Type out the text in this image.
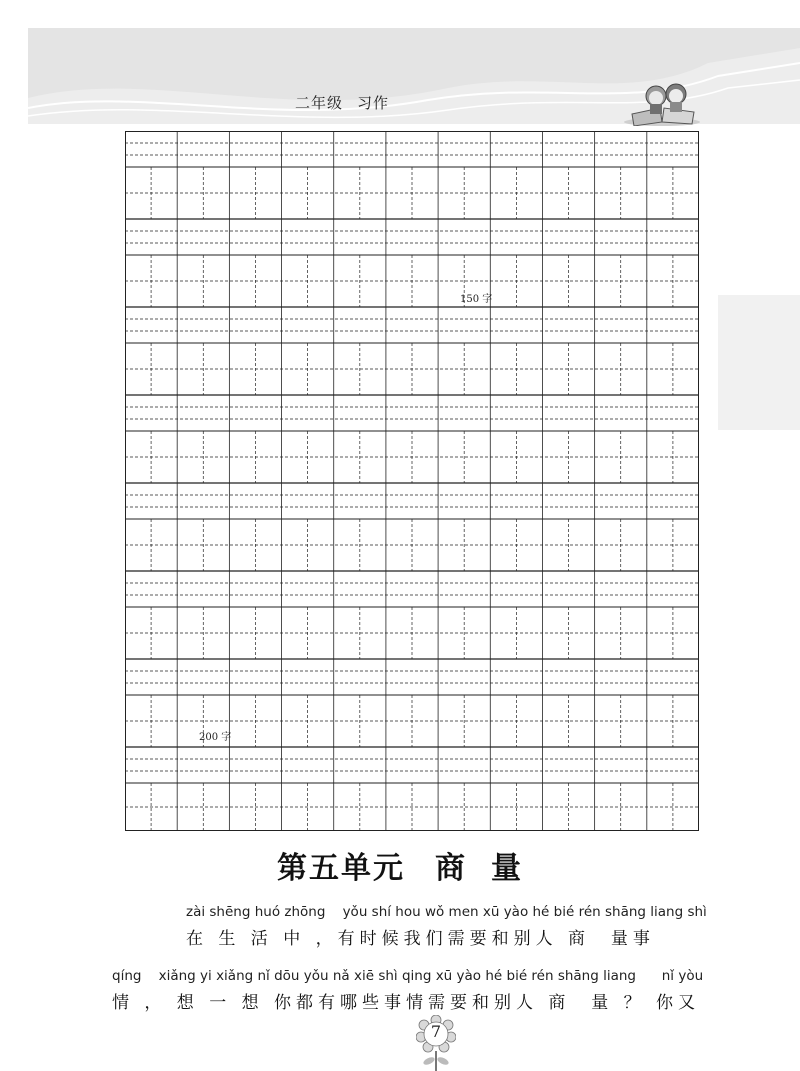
二年级 习作
150 字
200 字
第五单元 商 量
zài shēng huó zhōng    yǒu shí hou wǒ men xū yào hé bié rén shāng liang shì
在 生 活 中 ，有时候我们需要和别人 商  量事
qíng    xiǎng yi xiǎng nǐ dōu yǒu nǎ xiē shì qing xū yào hé bié rén shāng liang      nǐ yòu
情 ， 想 一 想 你都有哪些事情需要和别人 商  量 ？ 你又
7
